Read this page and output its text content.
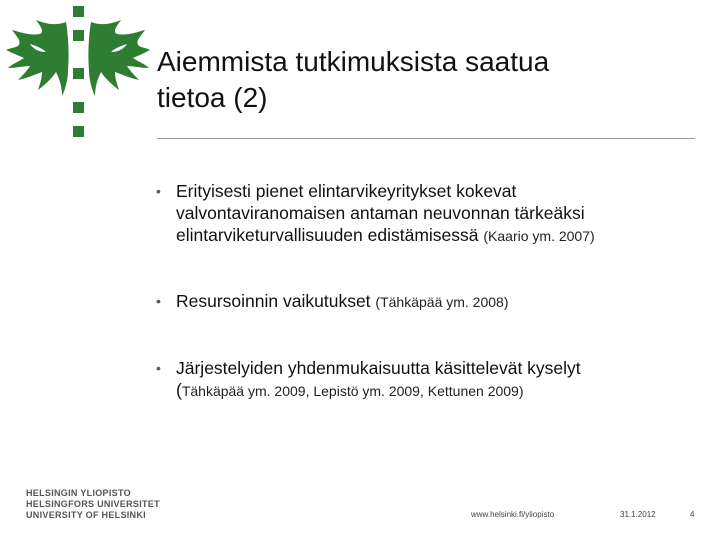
Aiemmista tutkimuksista saatua
tietoa (2)
• Erityisesti pienet elintarvikeyritykset kokevat
valvontaviranomaisen antaman neuvonnan tärkeäksi
elintarviketurvallisuuden edistämisessä (Kaario ym. 2007)
• Resursoinnin vaikutukset (Tähkäpää ym. 2008)
• Järjestelyiden yhdenmukaisuutta käsittelevät kyselyt
(Tähkäpää ym. 2009, Lepistö ym. 2009, Kettunen 2009)
HELSINGIN YLIOPISTO
HELSINGFORS UNIVERSITET
UNIVERSITY OF HELSINKI	www.helsinki.fi/yliopisto	31.1.2012	4
